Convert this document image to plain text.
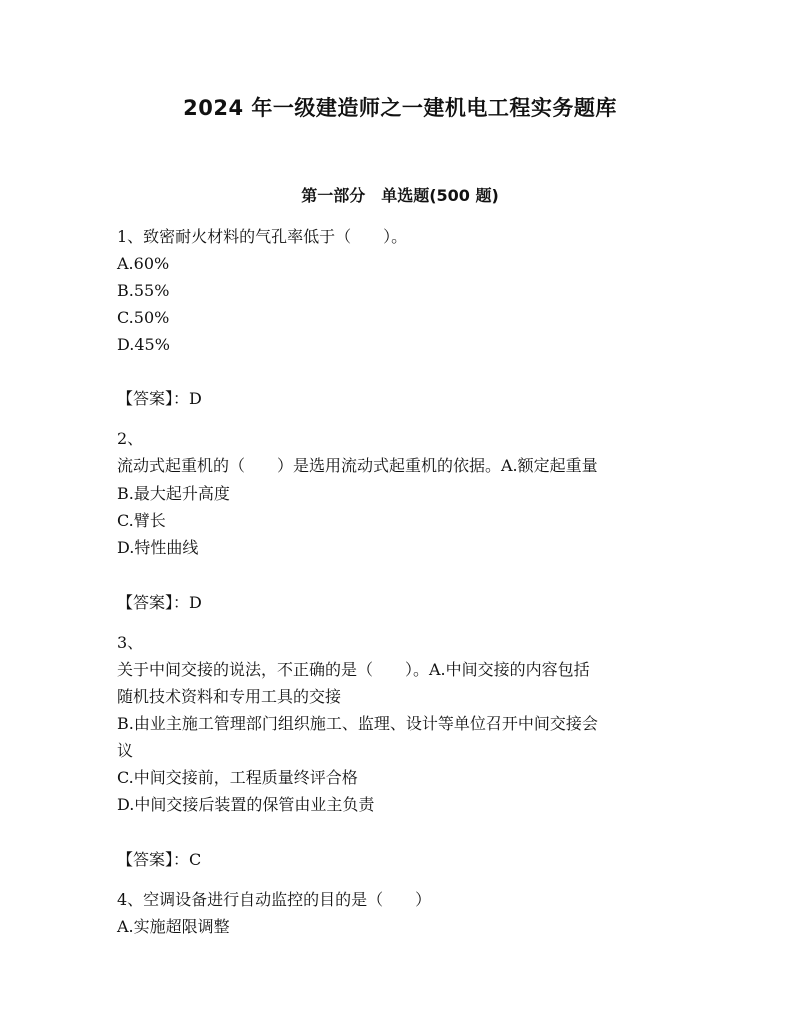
2024 年一级建造师之一建机电工程实务题库
第一部分　单选题(500 题)
1、致密耐火材料的气孔率低于（　　）。
A.60%
B.55%
C.50%
D.45%
【答案】：D
2、
流动式起重机的（　　）是选用流动式起重机的依据。A.额定起重量
B.最大起升高度
C.臂长
D.特性曲线
【答案】：D
3、
关于中间交接的说法，不正确的是（　　）。A.中间交接的内容包括
随机技术资料和专用工具的交接
B.由业主施工管理部门组织施工、监理、设计等单位召开中间交接会
议
C.中间交接前，工程质量终评合格
D.中间交接后装置的保管由业主负责
【答案】：C
4、空调设备进行自动监控的目的是（　　）
A.实施超限调整
